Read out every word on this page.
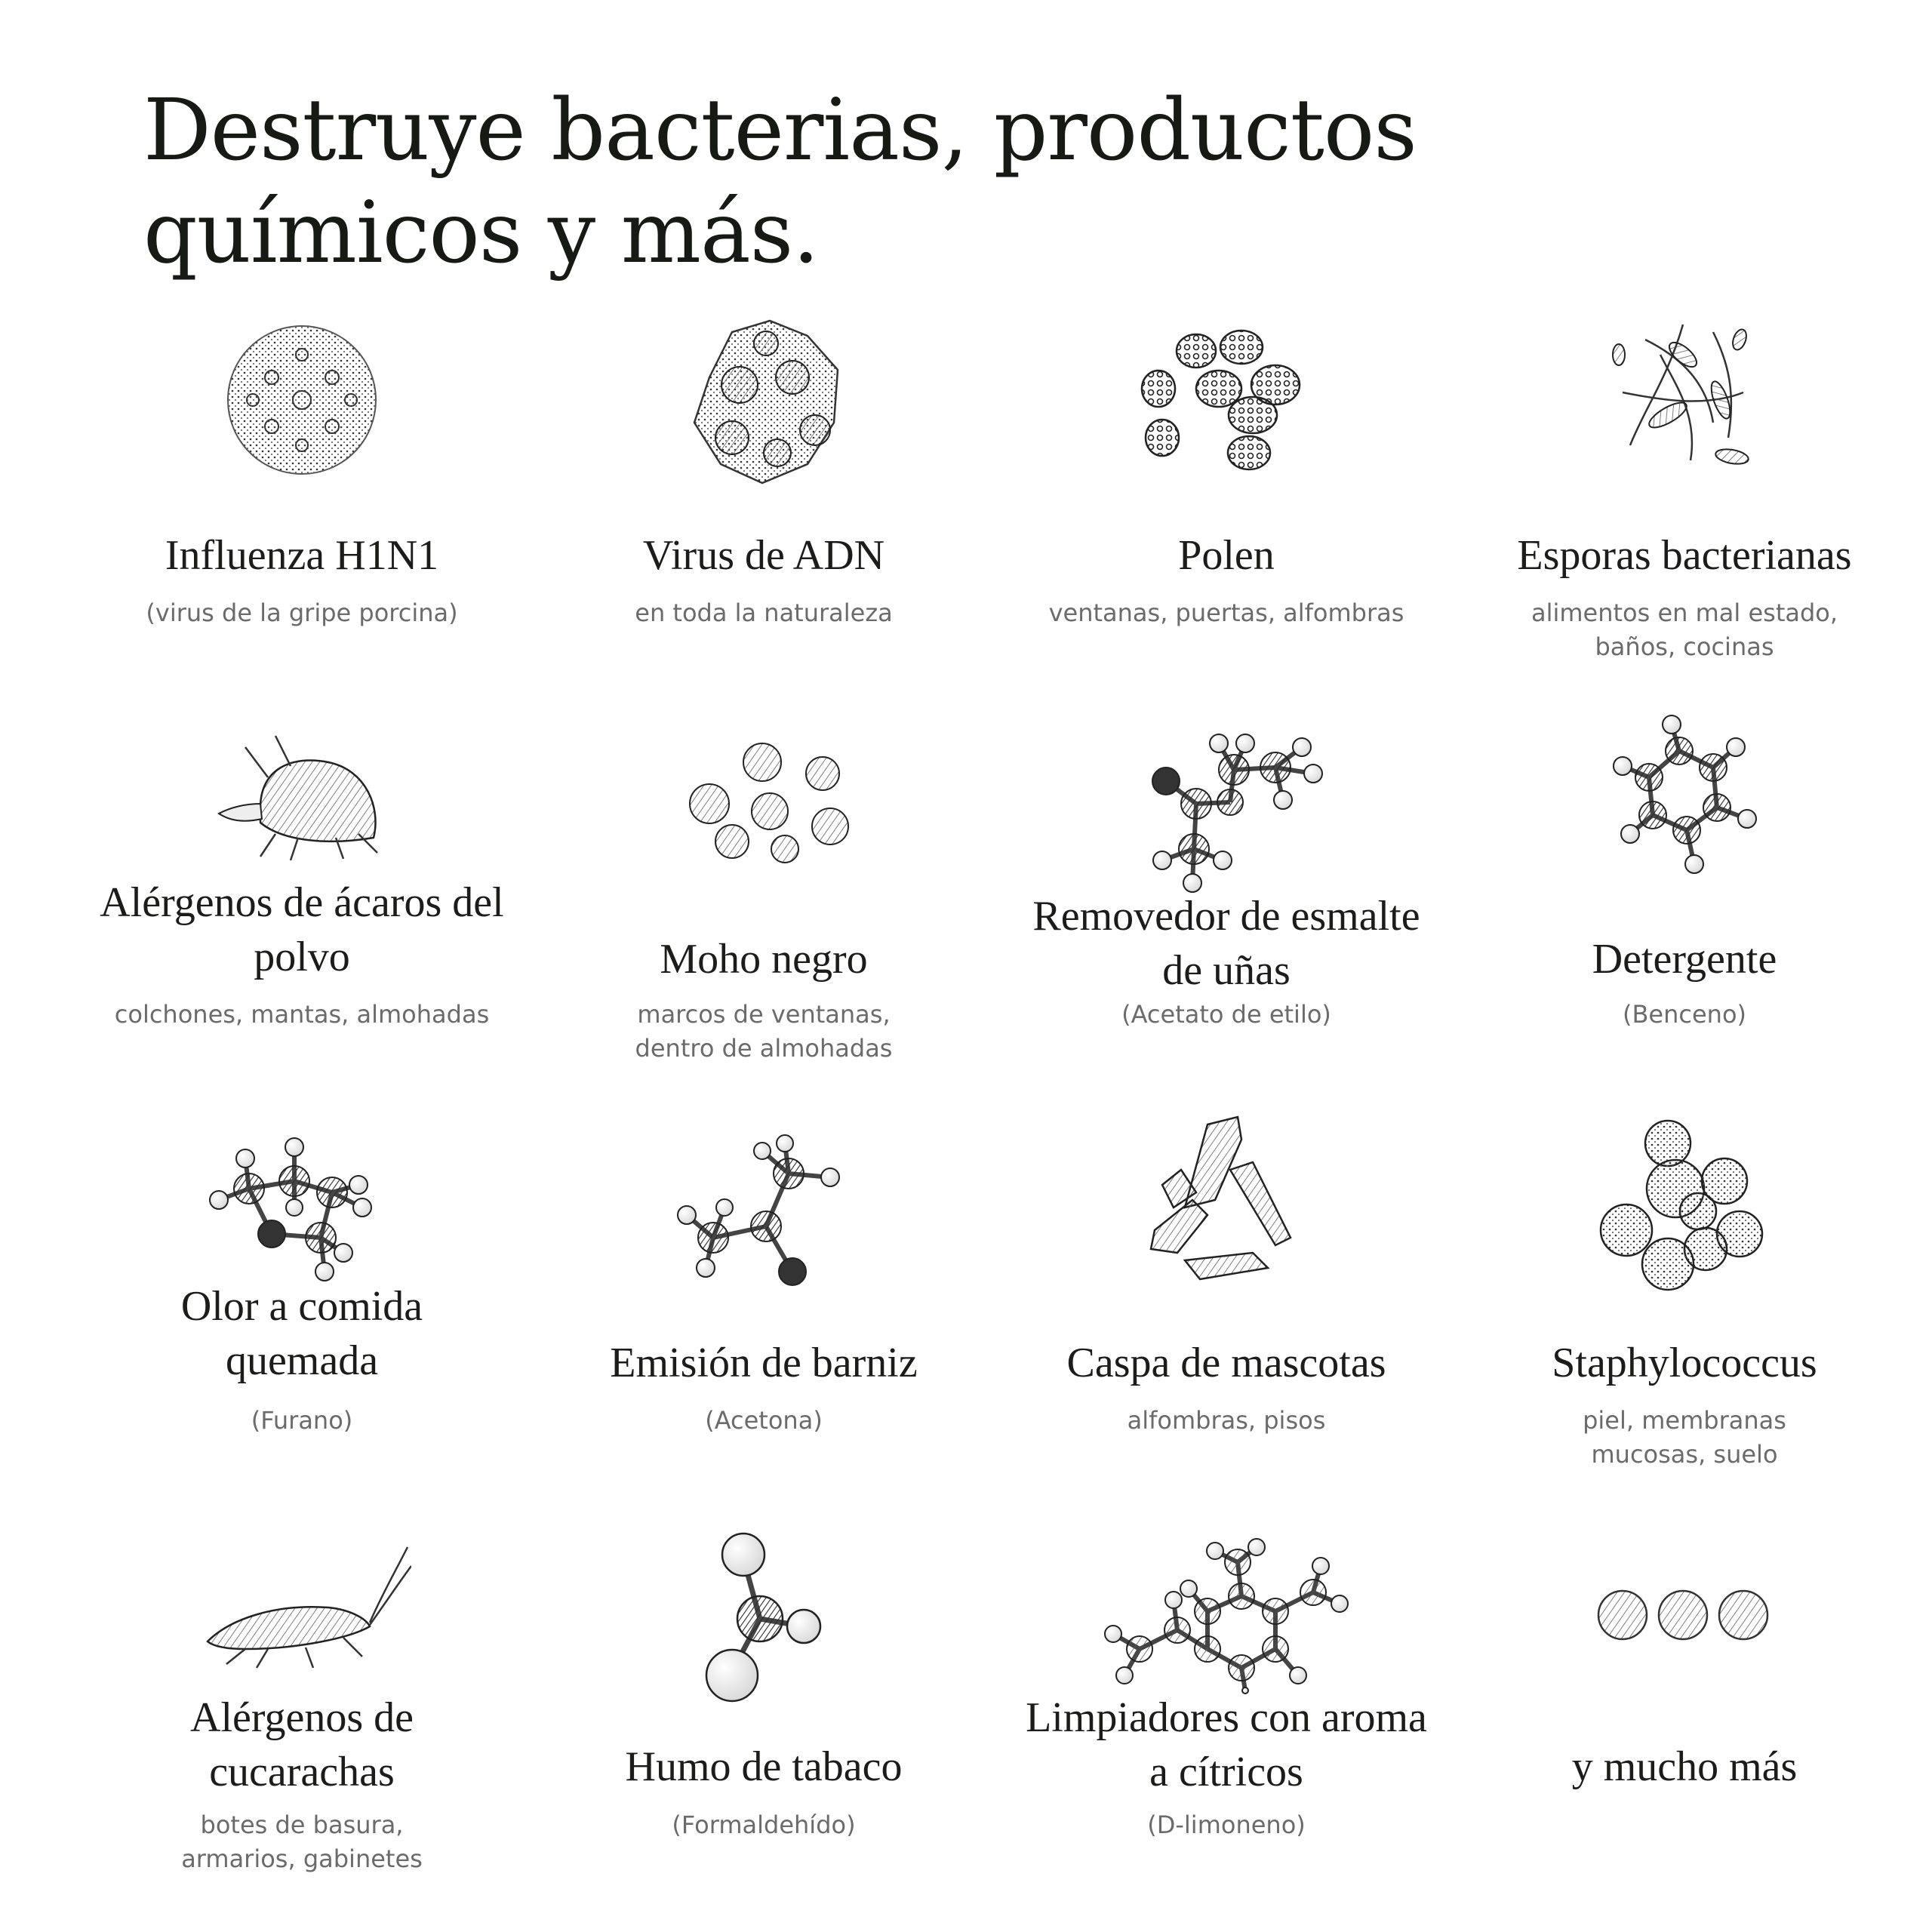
Destruye bacterias, productos
químicos y más.
Influenza H1N1
(virus de la gripe porcina)
Virus de ADN
en toda la naturaleza
Polen
ventanas, puertas, alfombras
Esporas bacterianas
alimentos en mal estado,
baños, cocinas
Alérgenos de ácaros del
polvo
colchones, mantas, almohadas
Moho negro
marcos de ventanas,
dentro de almohadas
Removedor de esmalte
de uñas
(Acetato de etilo)
Detergente
(Benceno)
Olor a comida
quemada
(Furano)
Emisión de barniz
(Acetona)
Caspa de mascotas
alfombras, pisos
Staphylococcus
piel, membranas
mucosas, suelo
Alérgenos de
cucarachas
botes de basura,
armarios, gabinetes
Humo de tabaco
(Formaldehído)
Limpiadores con aroma
a cítricos
(D-limoneno)
y mucho más
